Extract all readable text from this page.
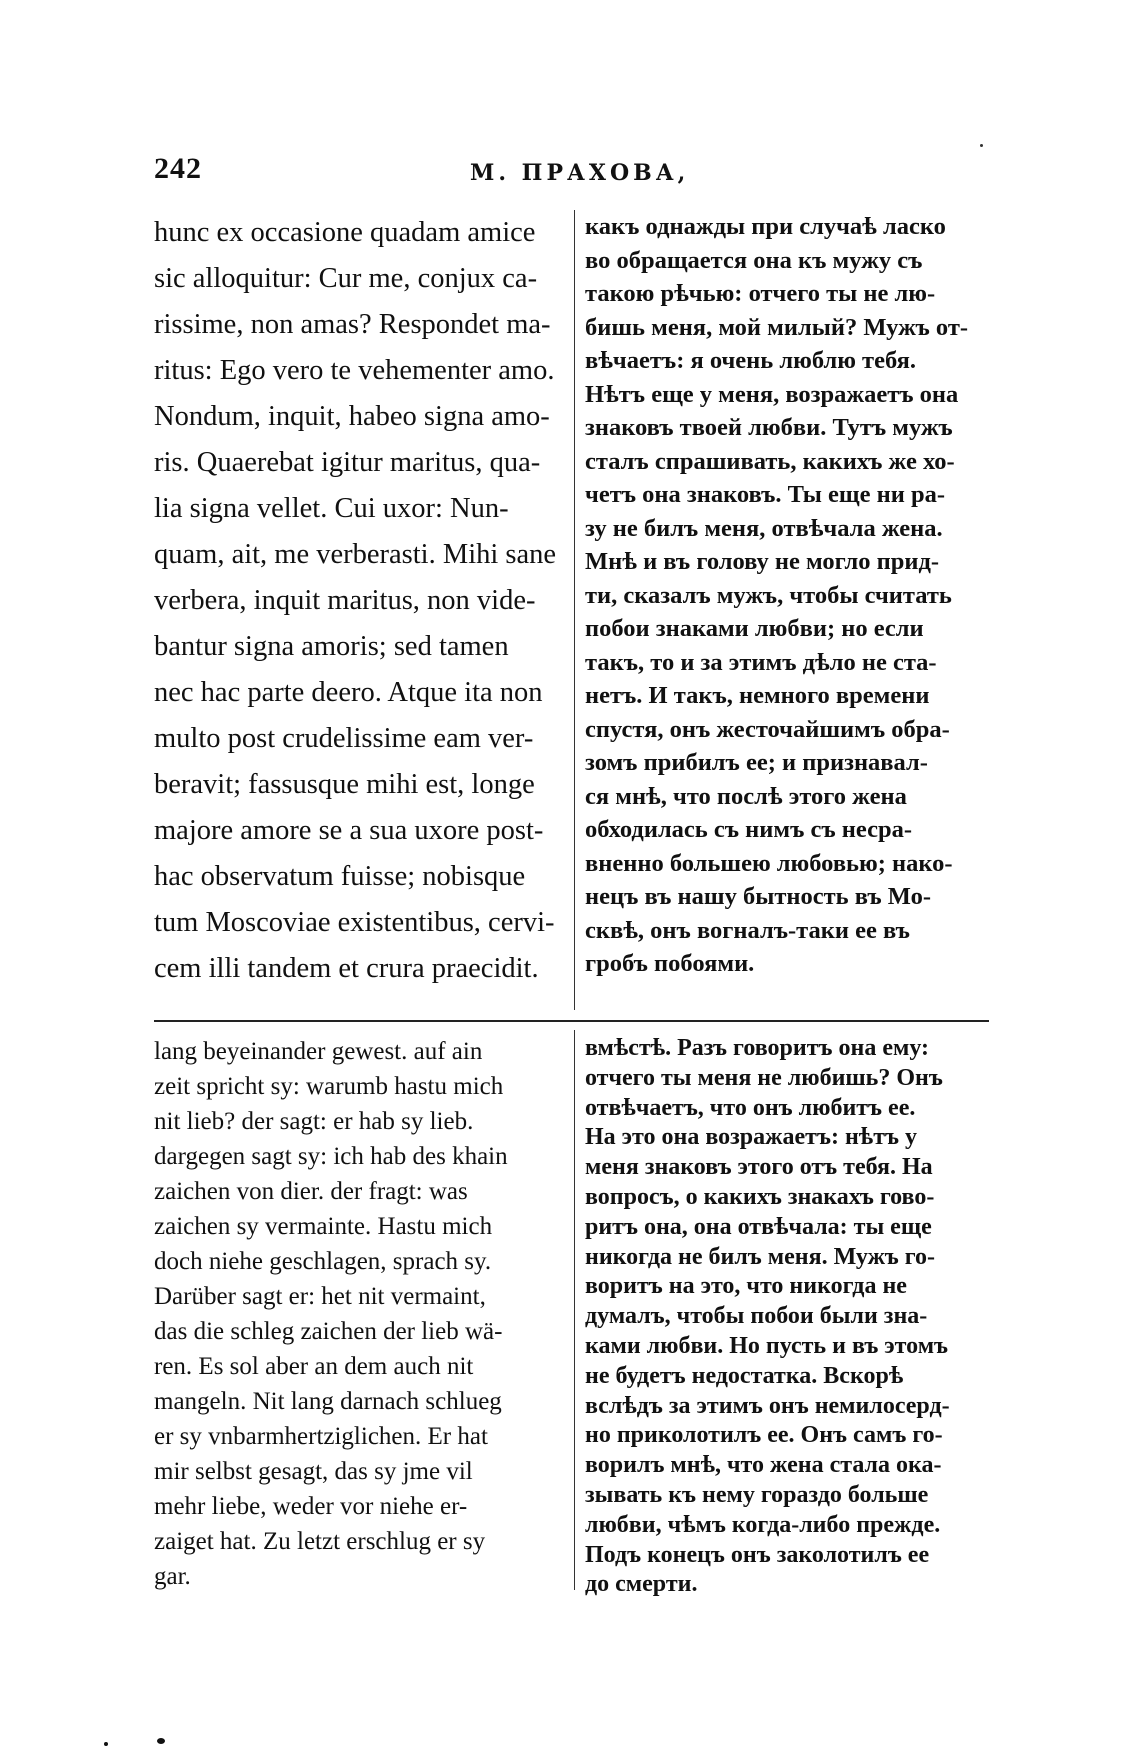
242	М. ПРАХОВА,

hunc ex occasione quadam amice
sic alloquitur: Cur me, conjux ca-
rissime, non amas? Respondet ma-
ritus: Ego vero te vehementer amo.
Nondum, inquit, habeo signa amo-
ris. Quaerebat igitur maritus, qua-
lia signa vellet. Cui uxor: Nun-
quam, ait, me verberasti. Mihi sane
verbera, inquit maritus, non vide-
bantur signa amoris; sed tamen
nec hac parte deero. Atque ita non
multo post crudelissime eam ver-
beravit; fassusque mihi est, longe
majore amore se a sua uxore post-
hac observatum fuisse; nobisque
tum Moscoviae existentibus, cervi-
cem illi tandem et crura praecidit.

какъ однажды при случаѣ ласко
во обращается она къ мужу съ
такою рѣчью: отчего ты не лю-
бишь меня, мой милый? Мужъ от-
вѣчаетъ: я очень люблю тебя.
Нѣтъ еще у меня, возражаетъ она
знаковъ твоей любви. Тутъ мужъ
сталъ спрашивать, какихъ же хо-
четъ она знаковъ. Ты еще ни ра-
зу не билъ меня, отвѣчала жена.
Мнѣ и въ голову не могло прид-
ти, сказалъ мужъ, чтобы считать
побои знаками любви; но если
такъ, то и за этимъ дѣло не ста-
нетъ. И такъ, немного времени
спустя, онъ жесточайшимъ обра-
зомъ прибилъ ее; и признавал-
ся мнѣ, что послѣ этого жена
обходилась съ нимъ съ несра-
вненно большею любовью; нако-
нецъ въ нашу бытность въ Мо-
сквѣ, онъ вогналъ-таки ее въ
гробъ побоями.

lang beyeinander gewest. auf ain
zeit spricht sy: warumb hastu mich
nit lieb? der sagt: er hab sy lieb.
dargegen sagt sy: ich hab des khain
zaichen von dier. der fragt: was
zaichen sy vermainte. Hastu mich
doch niehe geschlagen, sprach sy.
Darüber sagt er: het nit vermaint,
das die schleg zaichen der lieb wä-
ren. Es sol aber an dem auch nit
mangeln. Nit lang darnach schlueg
er sy vnbarmhertziglichen. Er hat
mir selbst gesagt, das sy jme vil
mehr liebe, weder vor niehe er-
zaiget hat. Zu letzt erschlug er sy
gar.

вмѣстѣ. Разъ говоритъ она ему:
отчего ты меня не любишь? Онъ
отвѣчаетъ, что онъ любитъ ее.
На это она возражаетъ: нѣтъ у
меня знаковъ этого отъ тебя. На
вопросъ, о какихъ знакахъ гово-
ритъ она, она отвѣчала: ты еще
никогда не билъ меня. Мужъ го-
воритъ на это, что никогда не
думалъ, чтобы побои были зна-
ками любви. Но пусть и въ этомъ
не будетъ недостатка. Вскорѣ
вслѣдъ за этимъ онъ немилосерд-
но приколотилъ ее. Онъ самъ го-
ворилъ мнѣ, что жена стала ока-
зывать къ нему гораздо больше
любви, чѣмъ когда-либо прежде.
Подъ конецъ онъ заколотилъ ее
до смерти.
